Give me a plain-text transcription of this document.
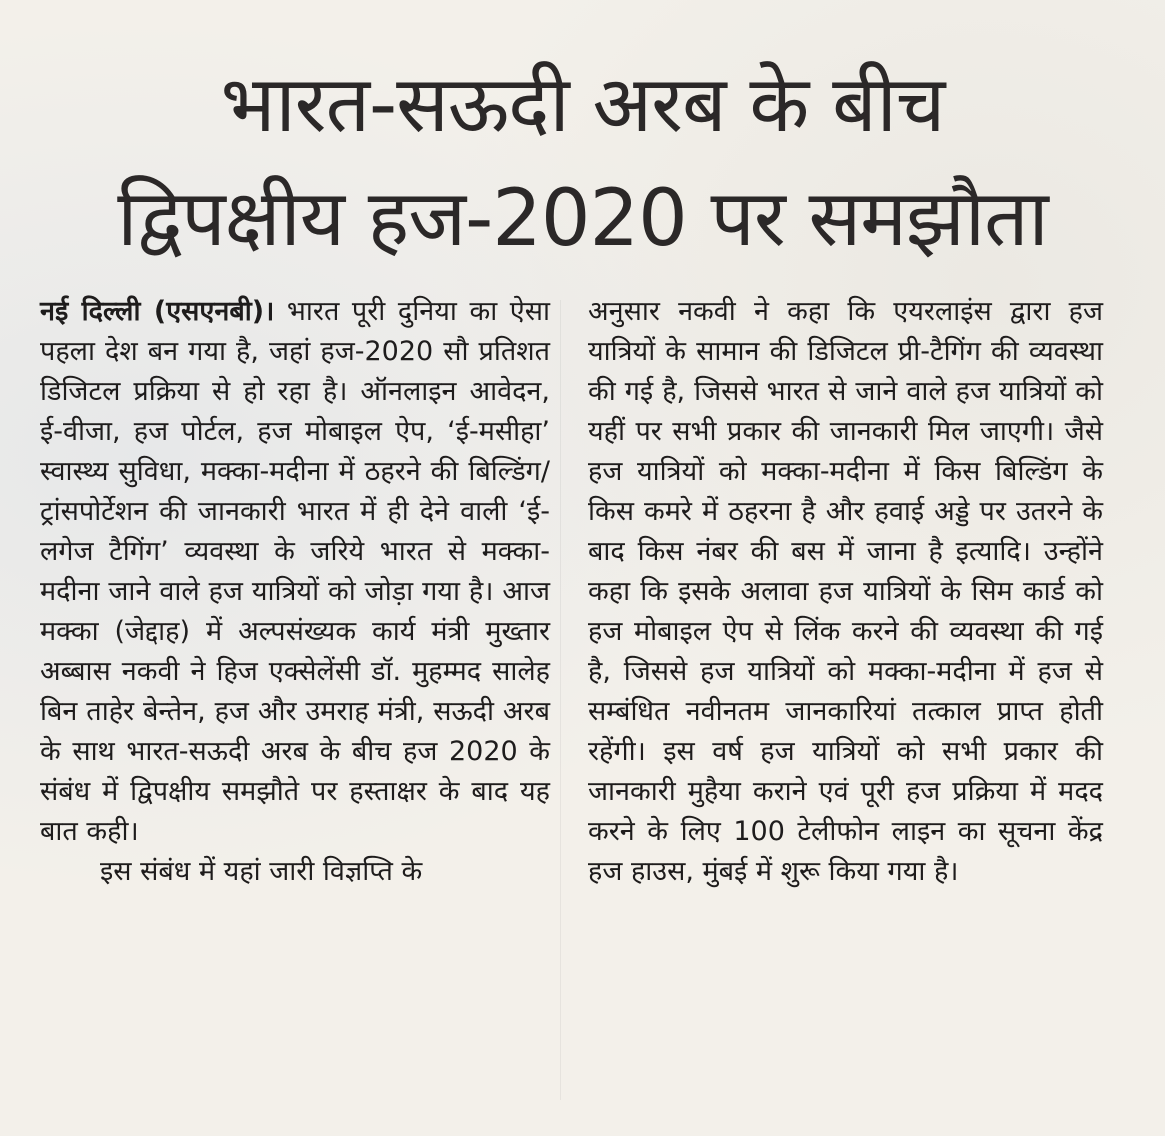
भारत-सऊदी अरब के बीच
द्विपक्षीय हज-2020 पर समझौता

नई दिल्ली (एसएनबी)। भारत पूरी दुनिया का ऐसा पहला देश बन गया है, जहां हज-2020 सौ प्रतिशत डिजिटल प्रक्रिया से हो रहा है। ऑनलाइन आवेदन, ई-वीजा, हज पोर्टल, हज मोबाइल ऐप, ‘ई-मसीहा’ स्वास्थ्य सुविधा, मक्का-मदीना में ठहरने की बिल्डिंग/ट्रांसपोर्टेशन की जानकारी भारत में ही देने वाली ‘ई-लगेज टैगिंग’ व्यवस्था के जरिये भारत से मक्का-मदीना जाने वाले हज यात्रियों को जोड़ा गया है। आज मक्का (जेद्दाह) में अल्पसंख्यक कार्य मंत्री मुख्तार अब्बास नकवी ने हिज एक्सेलेंसी डॉ. मुहम्मद सालेह बिन ताहेर बेन्तेन, हज और उमराह मंत्री, सऊदी अरब के साथ भारत-सऊदी अरब के बीच हज 2020 के संबंध में द्विपक्षीय समझौते पर हस्ताक्षर के बाद यह बात कही।

इस संबंध में यहां जारी विज्ञप्ति के

अनुसार नकवी ने कहा कि एयरलाइंस द्वारा हज यात्रियों के सामान की डिजिटल प्री-टैगिंग की व्यवस्था की गई है, जिससे भारत से जाने वाले हज यात्रियों को यहीं पर सभी प्रकार की जानकारी मिल जाएगी। जैसे हज यात्रियों को मक्का-मदीना में किस बिल्डिंग के किस कमरे में ठहरना है और हवाई अड्डे पर उतरने के बाद किस नंबर की बस में जाना है इत्यादि। उन्होंने कहा कि इसके अलावा हज यात्रियों के सिम कार्ड को हज मोबाइल ऐप से लिंक करने की व्यवस्था की गई है, जिससे हज यात्रियों को मक्का-मदीना में हज से सम्बंधित नवीनतम जानकारियां तत्काल प्राप्त होती रहेंगी। इस वर्ष हज यात्रियों को सभी प्रकार की जानकारी मुहैया कराने एवं पूरी हज प्रक्रिया में मदद करने के लिए 100 टेलीफोन लाइन का सूचना केंद्र हज हाउस, मुंबई में शुरू किया गया है।
